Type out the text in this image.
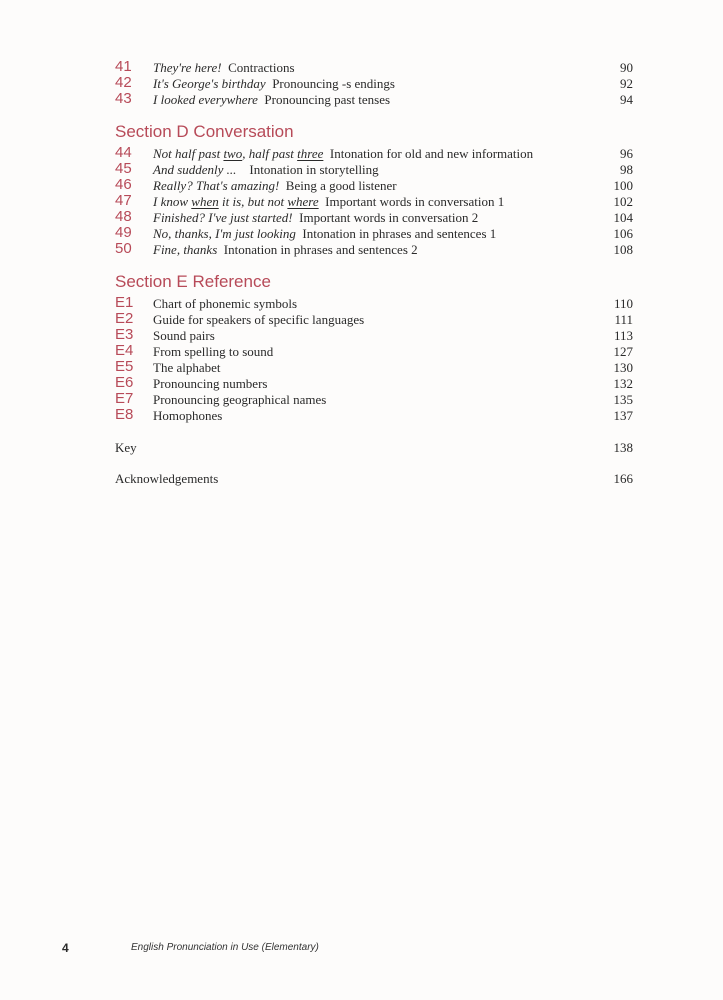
41 They're here! Contractions	90
42 It's George's birthday Pronouncing -s endings	92
43 I looked everywhere Pronouncing past tenses	94
Section D Conversation
44 Not half past two, half past three Intonation for old and new information	96
45 And suddenly ... Intonation in storytelling	98
46 Really? That's amazing! Being a good listener	100
47 I know when it is, but not where Important words in conversation 1	102
48 Finished? I've just started! Important words in conversation 2	104
49 No, thanks, I'm just looking Intonation in phrases and sentences 1	106
50 Fine, thanks Intonation in phrases and sentences 2	108
Section E Reference
E1 Chart of phonemic symbols	110
E2 Guide for speakers of specific languages	111
E3 Sound pairs	113
E4 From spelling to sound	127
E5 The alphabet	130
E6 Pronouncing numbers	132
E7 Pronouncing geographical names	135
E8 Homophones	137
Key	138
Acknowledgements	166
4	English Pronunciation in Use (Elementary)
